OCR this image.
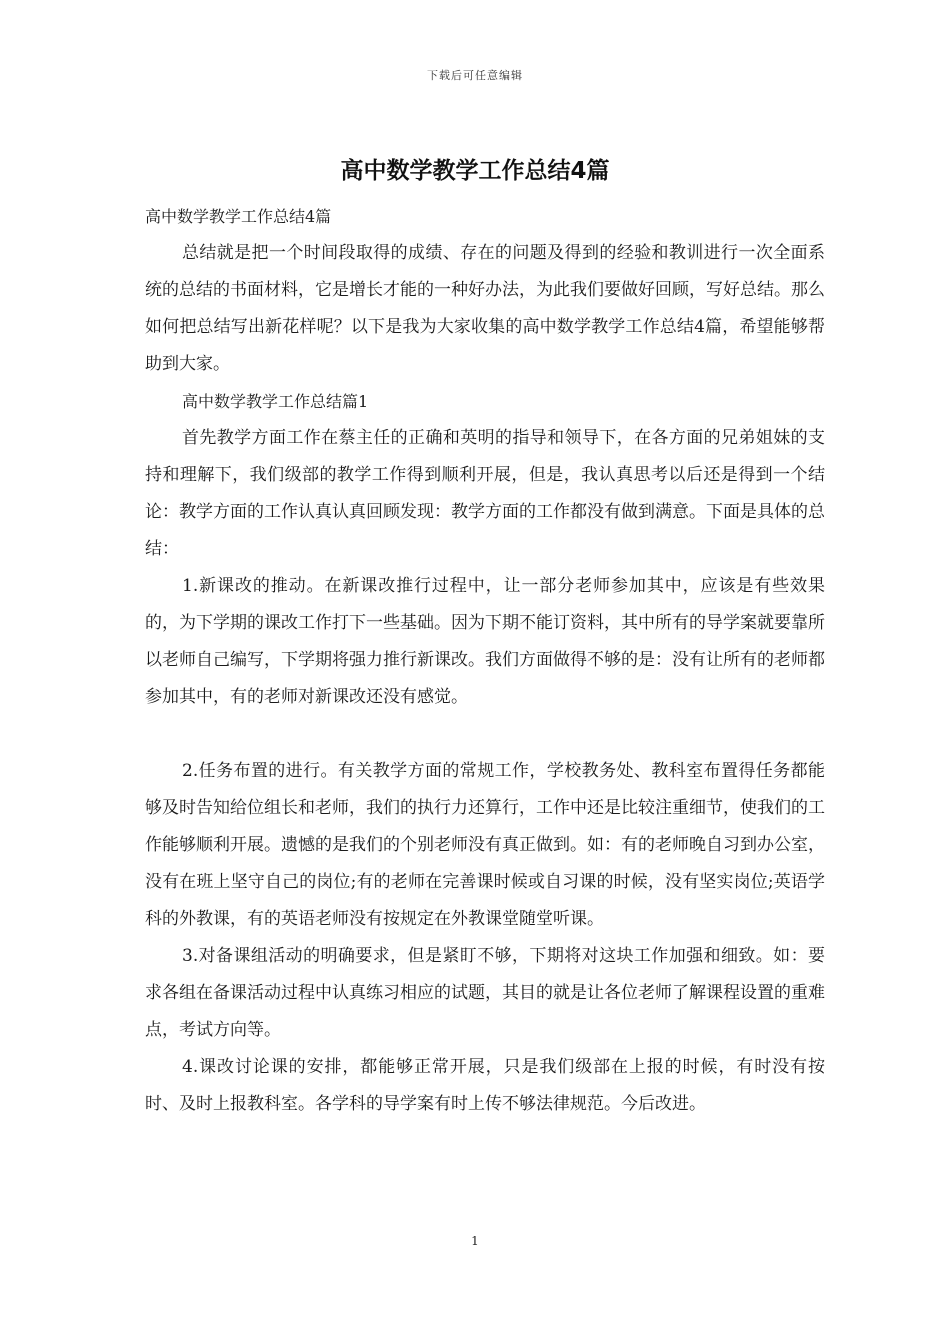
下载后可任意编辑
高中数学教学工作总结4篇

高中数学教学工作总结4篇

总结就是把一个时间段取得的成绩、存在的问题及得到的经验和教训进行一次全面系统的总结的书面材料，它是增长才能的一种好办法，为此我们要做好回顾，写好总结。那么如何把总结写出新花样呢？以下是我为大家收集的高中数学教学工作总结4篇，希望能够帮助到大家。

高中数学教学工作总结篇1

首先教学方面工作在蔡主任的正确和英明的指导和领导下，在各方面的兄弟姐妹的支持和理解下，我们级部的教学工作得到顺利开展，但是，我认真思考以后还是得到一个结论：教学方面的工作认真认真回顾发现：教学方面的工作都没有做到满意。下面是具体的总结：

1.新课改的推动。在新课改推行过程中，让一部分老师参加其中，应该是有些效果的，为下学期的课改工作打下一些基础。因为下期不能订资料，其中所有的导学案就要靠所以老师自己编写，下学期将强力推行新课改。我们方面做得不够的是：没有让所有的老师都参加其中，有的老师对新课改还没有感觉。

2.任务布置的进行。有关教学方面的常规工作，学校教务处、教科室布置得任务都能够及时告知给位组长和老师，我们的执行力还算行，工作中还是比较注重细节，使我们的工作能够顺利开展。遗憾的是我们的个别老师没有真正做到。如：有的老师晚自习到办公室，没有在班上坚守自己的岗位;有的老师在完善课时候或自习课的时候，没有坚实岗位;英语学科的外教课，有的英语老师没有按规定在外教课堂随堂听课。

3.对备课组活动的明确要求，但是紧盯不够，下期将对这块工作加强和细致。如：要求各组在备课活动过程中认真练习相应的试题，其目的就是让各位老师了解课程设置的重难点，考试方向等。

4.课改讨论课的安排，都能够正常开展，只是我们级部在上报的时候，有时没有按时、及时上报教科室。各学科的导学案有时上传不够法律规范。今后改进。

1
